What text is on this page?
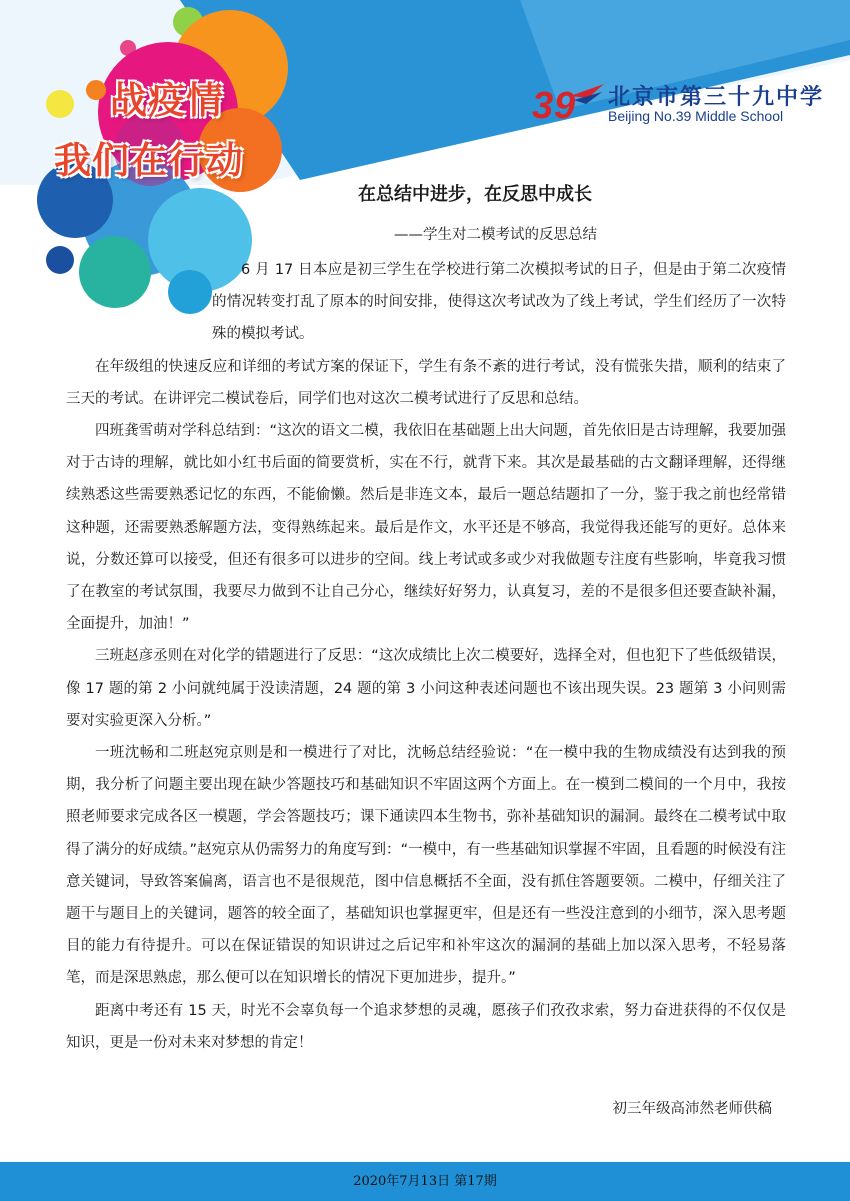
战疫情
我们在行动
3 9 北京市第三十九中学
Beijing No.39 Middle School
在总结中进步，在反思中成长
——学生对二模考试的反思总结

6 月 17 日本应是初三学生在学校进行第二次模拟考试的日子，但是由于第二次疫情的情况转变打乱了原本的时间安排，使得这次考试改为了线上考试，学生们经历了一次特殊的模拟考试。

在年级组的快速反应和详细的考试方案的保证下，学生有条不紊的进行考试，没有慌张失措，顺利的结束了三天的考试。在讲评完二模试卷后，同学们也对这次二模考试进行了反思和总结。

四班龚雪萌对学科总结到：“这次的语文二模，我依旧在基础题上出大问题，首先依旧是古诗理解，我要加强对于古诗的理解，就比如小红书后面的简要赏析，实在不行，就背下来。其次是最基础的古文翻译理解，还得继续熟悉这些需要熟悉记忆的东西，不能偷懒。然后是非连文本，最后一题总结题扣了一分，鉴于我之前也经常错这种题，还需要熟悉解题方法，变得熟练起来。最后是作文，水平还是不够高，我觉得我还能写的更好。总体来说，分数还算可以接受，但还有很多可以进步的空间。线上考试或多或少对我做题专注度有些影响，毕竟我习惯了在教室的考试氛围，我要尽力做到不让自己分心，继续好好努力，认真复习，差的不是很多但还要查缺补漏，全面提升，加油！”

三班赵彦丞则在对化学的错题进行了反思：“这次成绩比上次二模要好，选择全对，但也犯下了些低级错误，像 17 题的第 2 小问就纯属于没读清题，24 题的第 3 小问这种表述问题也不该出现失误。23 题第 3 小问则需要对实验更深入分析。”

一班沈畅和二班赵宛京则是和一模进行了对比，沈畅总结经验说：“在一模中我的生物成绩没有达到我的预期，我分析了问题主要出现在缺少答题技巧和基础知识不牢固这两个方面上。在一模到二模间的一个月中，我按照老师要求完成各区一模题，学会答题技巧；课下通读四本生物书，弥补基础知识的漏洞。最终在二模考试中取得了满分的好成绩。”赵宛京从仍需努力的角度写到：“一模中，有一些基础知识掌握不牢固，且看题的时候没有注意关键词，导致答案偏离，语言也不是很规范，图中信息概括不全面，没有抓住答题要领。二模中，仔细关注了题干与题目上的关键词，题答的较全面了，基础知识也掌握更牢，但是还有一些没注意到的小细节，深入思考题目的能力有待提升。可以在保证错误的知识讲过之后记牢和补牢这次的漏洞的基础上加以深入思考，不轻易落笔，而是深思熟虑，那么便可以在知识增长的情况下更加进步，提升。”

距离中考还有 15 天，时光不会辜负每一个追求梦想的灵魂，愿孩子们孜孜求索，努力奋进获得的不仅仅是知识，更是一份对未来对梦想的肯定！

初三年级高沛然老师供稿
2020年7月13日 第17期
